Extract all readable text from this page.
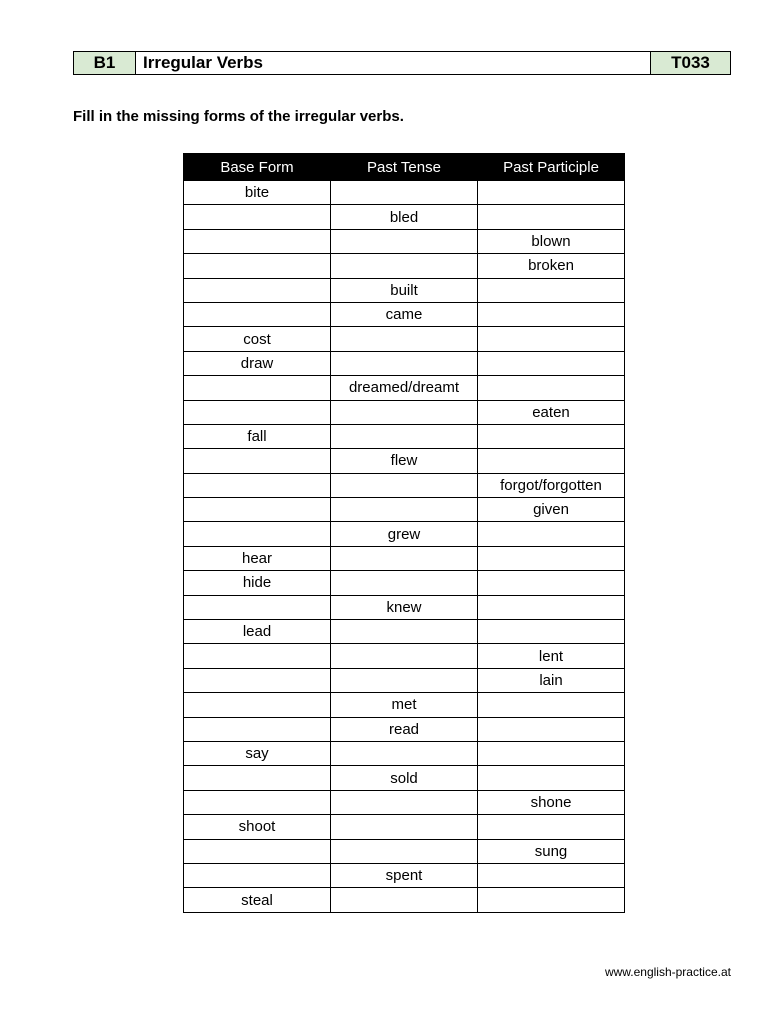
B1	Irregular Verbs	T033
Fill in the missing forms of the irregular verbs.
Base Form	Past Tense	Past Participle
bite		
	bled	
		blown
		broken
	built	
	came	
cost		
draw		
	dreamed/dreamt	
		eaten
fall		
	flew	
		forgot/forgotten
		given
	grew	
hear		
hide		
	knew	
lead		
		lent
		lain
	met	
	read	
say		
	sold	
		shone
shoot		
		sung
	spent	
steal		
www.english-practice.at
